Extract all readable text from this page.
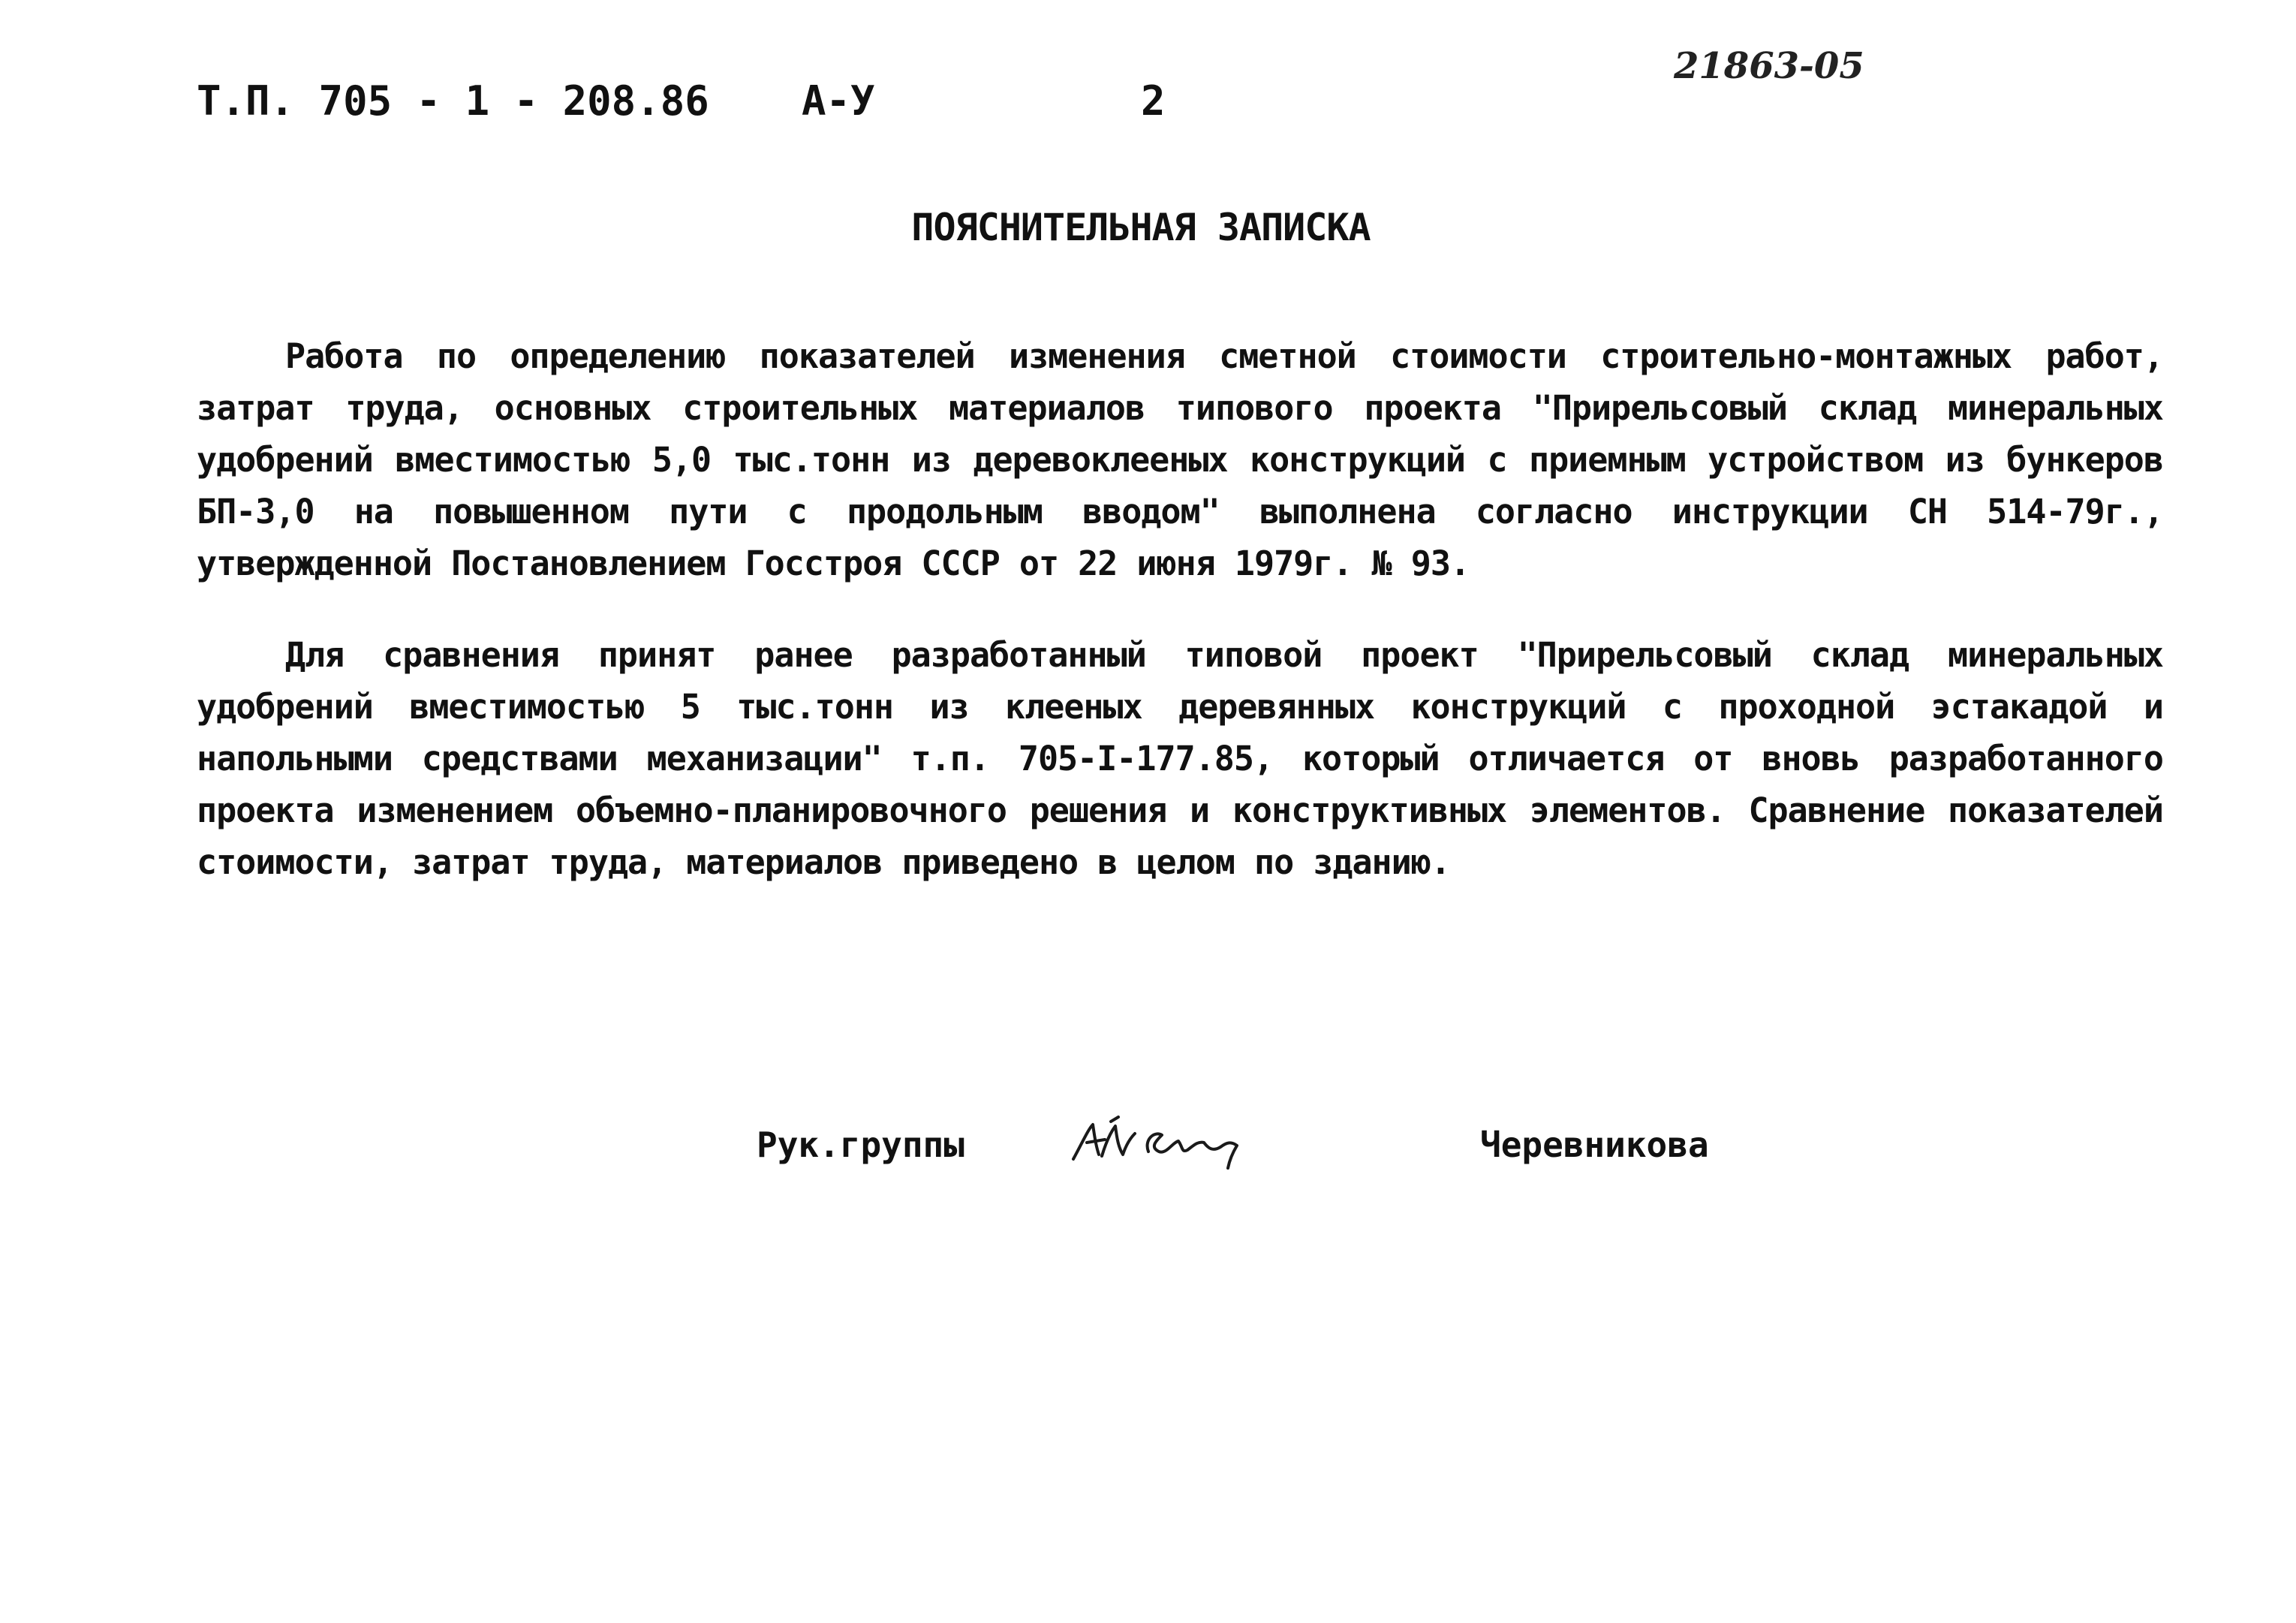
Т.П. 705 - 1 - 208.86 А-У	2
21863-05
ПОЯСНИТЕЛЬНАЯ ЗАПИСКА

Работа по определению показателей изменения сметной стоимости строительно-монтажных работ, затрат труда, основных строительных материалов типового проекта "Прирельсовый склад минеральных удобрений вместимостью 5,0 тыс.тонн из дерeвоклееных конструкций с приемным устройством из бункеров БП-3,0 на повышенном пути с продольным вводом" выполнена согласно инструкции СН 514-79г., утвержденной Постановлением Госстроя СССР от 22 июня 1979г. № 93.

Для сравнения принят ранее разработанный типовой проект "Прирельсовый склад минеральных удобрений вместимостью 5 тыс.тонн из клееных деревянных конструкций с проходной эстакадой и напольными средствами механизации" т.п. 705-I-177.85, который отличается от вновь разработанного проекта изменением объемно-планировочного решения и конструктивных элементов. Сравнение показателей стоимости, затрат труда, материалов приведено в целом по зданию.

Рук.группы	Черевникова
